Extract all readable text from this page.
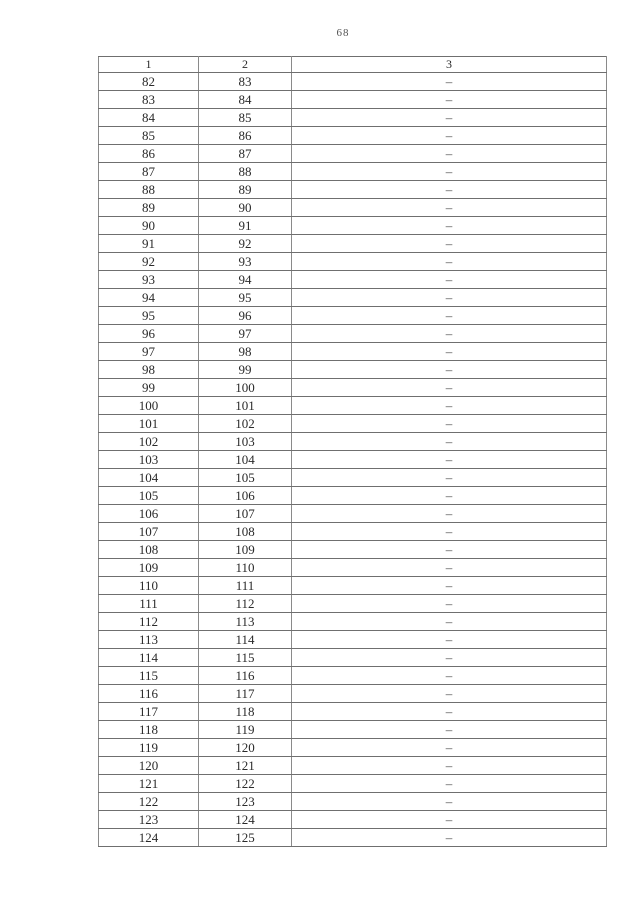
68
1	2	3
82	83	–
83	84	–
84	85	–
85	86	–
86	87	–
87	88	–
88	89	–
89	90	–
90	91	–
91	92	–
92	93	–
93	94	–
94	95	–
95	96	–
96	97	–
97	98	–
98	99	–
99	100	–
100	101	–
101	102	–
102	103	–
103	104	–
104	105	–
105	106	–
106	107	–
107	108	–
108	109	–
109	110	–
110	111	–
111	112	–
112	113	–
113	114	–
114	115	–
115	116	–
116	117	–
117	118	–
118	119	–
119	120	–
120	121	–
121	122	–
122	123	–
123	124	–
124	125	–
